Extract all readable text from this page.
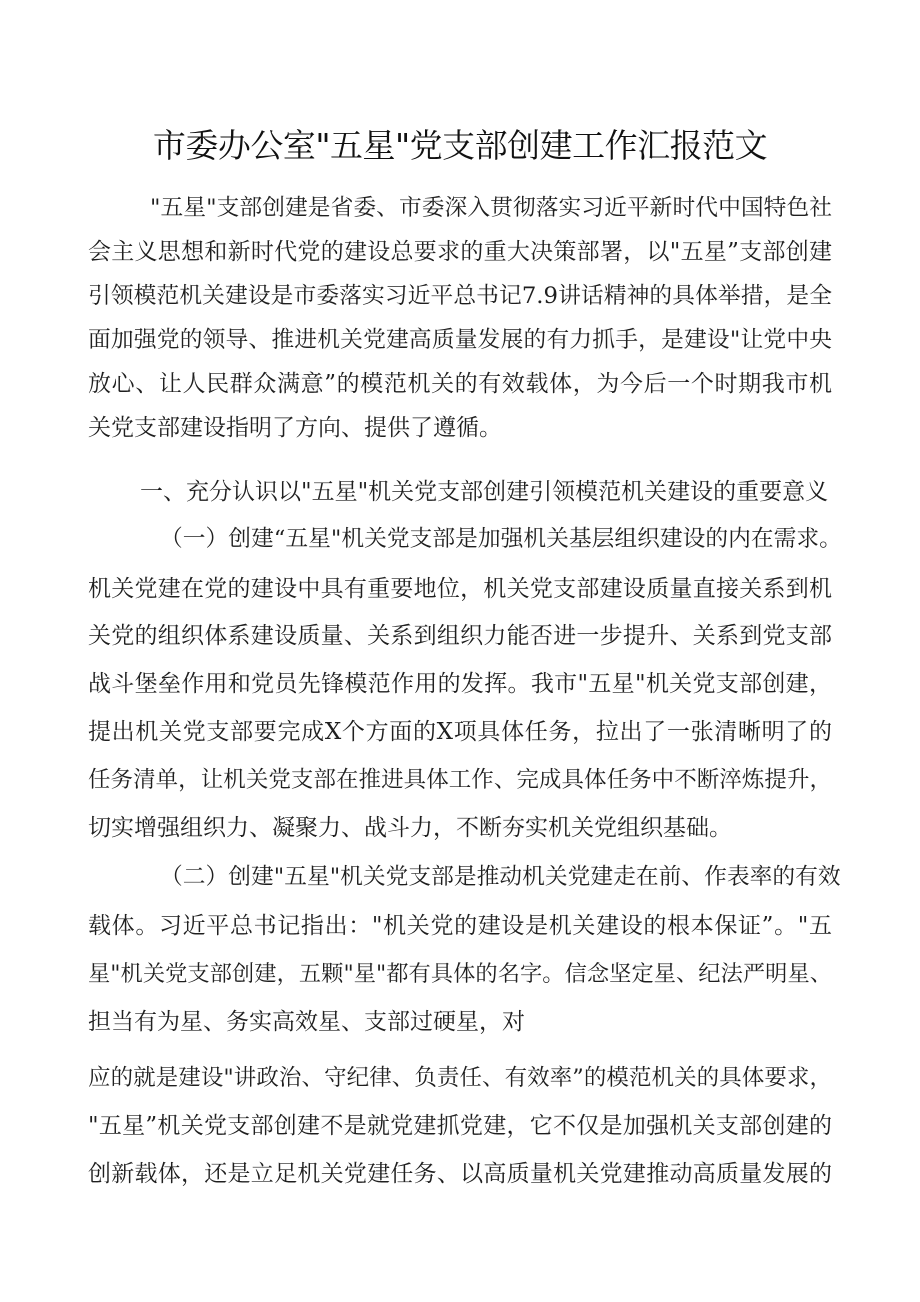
市委办公室"五星"党支部创建工作汇报范文

"五星"支部创建是省委、市委深入贯彻落实习近平新时代中国特色社

会主义思想和新时代党的建设总要求的重大决策部署，以"五星”支部创建

引领模范机关建设是市委落实习近平总书记7.9讲话精神的具体举措，是全

面加强党的领导、推进机关党建高质量发展的有力抓手，是建设"让党中央

放心、让人民群众满意”的模范机关的有效载体，为今后一个时期我市机

关党支部建设指明了方向、提供了遵循。

一、充分认识以"五星"机关党支部创建引领模范机关建设的重要意义

（一）创建“五星"机关党支部是加强机关基层组织建设的内在需求。

机关党建在党的建设中具有重要地位，机关党支部建设质量直接关系到机

关党的组织体系建设质量、关系到组织力能否进一步提升、关系到党支部

战斗堡垒作用和党员先锋模范作用的发挥。我市"五星"机关党支部创建，

提出机关党支部要完成X个方面的X项具体任务，拉出了一张清晰明了的

任务清单，让机关党支部在推进具体工作、完成具体任务中不断淬炼提升，

切实增强组织力、凝聚力、战斗力，不断夯实机关党组织基础。

（二）创建"五星"机关党支部是推动机关党建走在前、作表率的有效

载体。习近平总书记指出："机关党的建设是机关建设的根本保证”。"五

星"机关党支部创建，五颗"星"都有具体的名字。信念坚定星、纪法严明星、

担当有为星、务实高效星、支部过硬星，对

应的就是建设"讲政治、守纪律、负责任、有效率”的模范机关的具体要求，

"五星”机关党支部创建不是就党建抓党建，它不仅是加强机关支部创建的

创新载体，还是立足机关党建任务、以高质量机关党建推动高质量发展的
